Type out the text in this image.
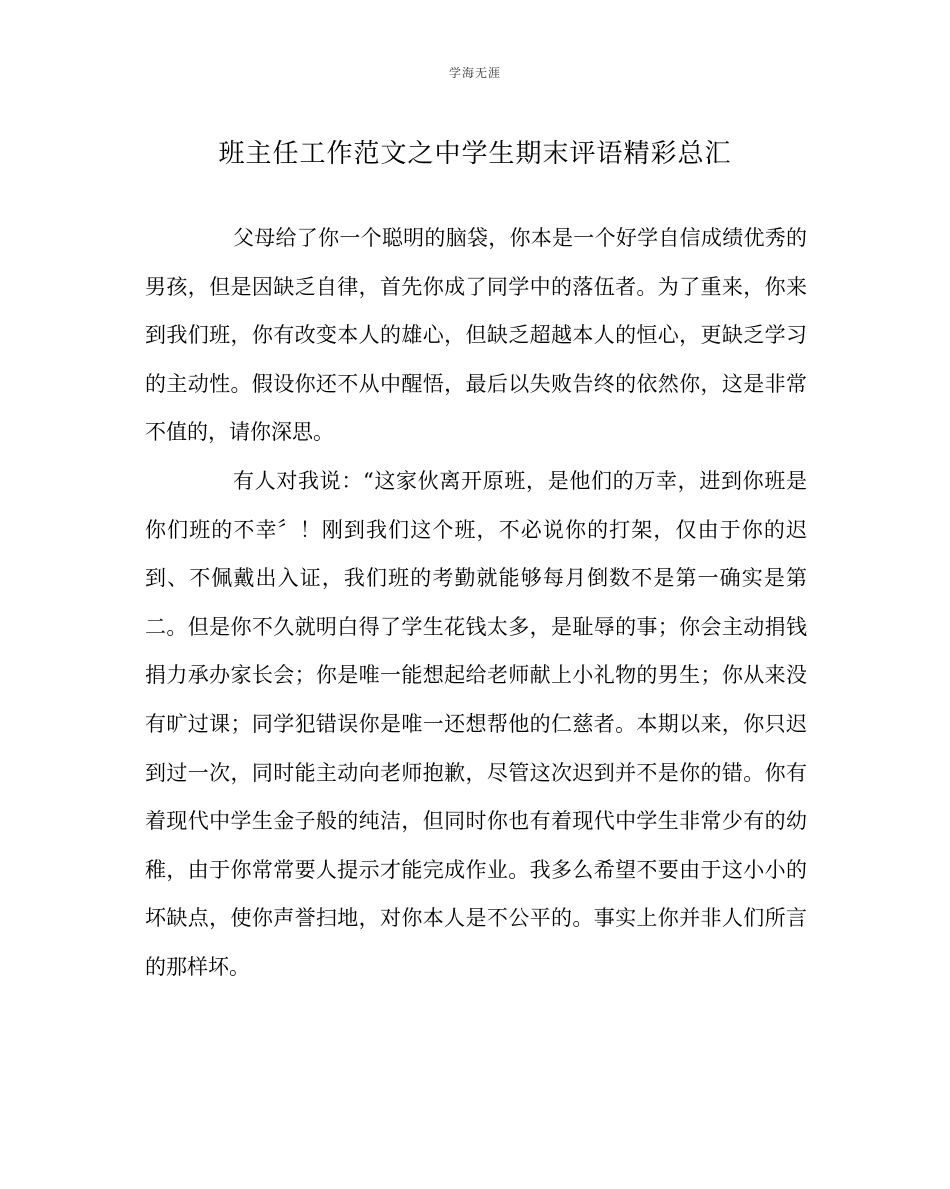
学海无涯
班主任工作范文之中学生期末评语精彩总汇

父母给了你一个聪明的脑袋，你本是一个好学自信成绩优秀的男孩，但是因缺乏自律，首先你成了同学中的落伍者。为了重来，你来到我们班，你有改变本人的雄心，但缺乏超越本人的恒心，更缺乏学习的主动性。假设你还不从中醒悟，最后以失败告终的依然你，这是非常不值的，请你深思。

有人对我说：“这家伙离开原班，是他们的万幸，进到你班是你们班的不幸〞！刚到我们这个班，不必说你的打架，仅由于你的迟到、不佩戴出入证，我们班的考勤就能够每月倒数不是第一确实是第二。但是你不久就明白得了学生花钱太多，是耻辱的事；你会主动捐钱捐力承办家长会；你是唯一能想起给老师献上小礼物的男生；你从来没有旷过课；同学犯错误你是唯一还想帮他的仁慈者。本期以来，你只迟到过一次，同时能主动向老师抱歉，尽管这次迟到并不是你的错。你有着现代中学生金子般的纯洁，但同时你也有着现代中学生非常少有的幼稚，由于你常常要人提示才能完成作业。我多么希望不要由于这小小的坏缺点，使你声誉扫地，对你本人是不公平的。事实上你并非人们所言的那样坏。
